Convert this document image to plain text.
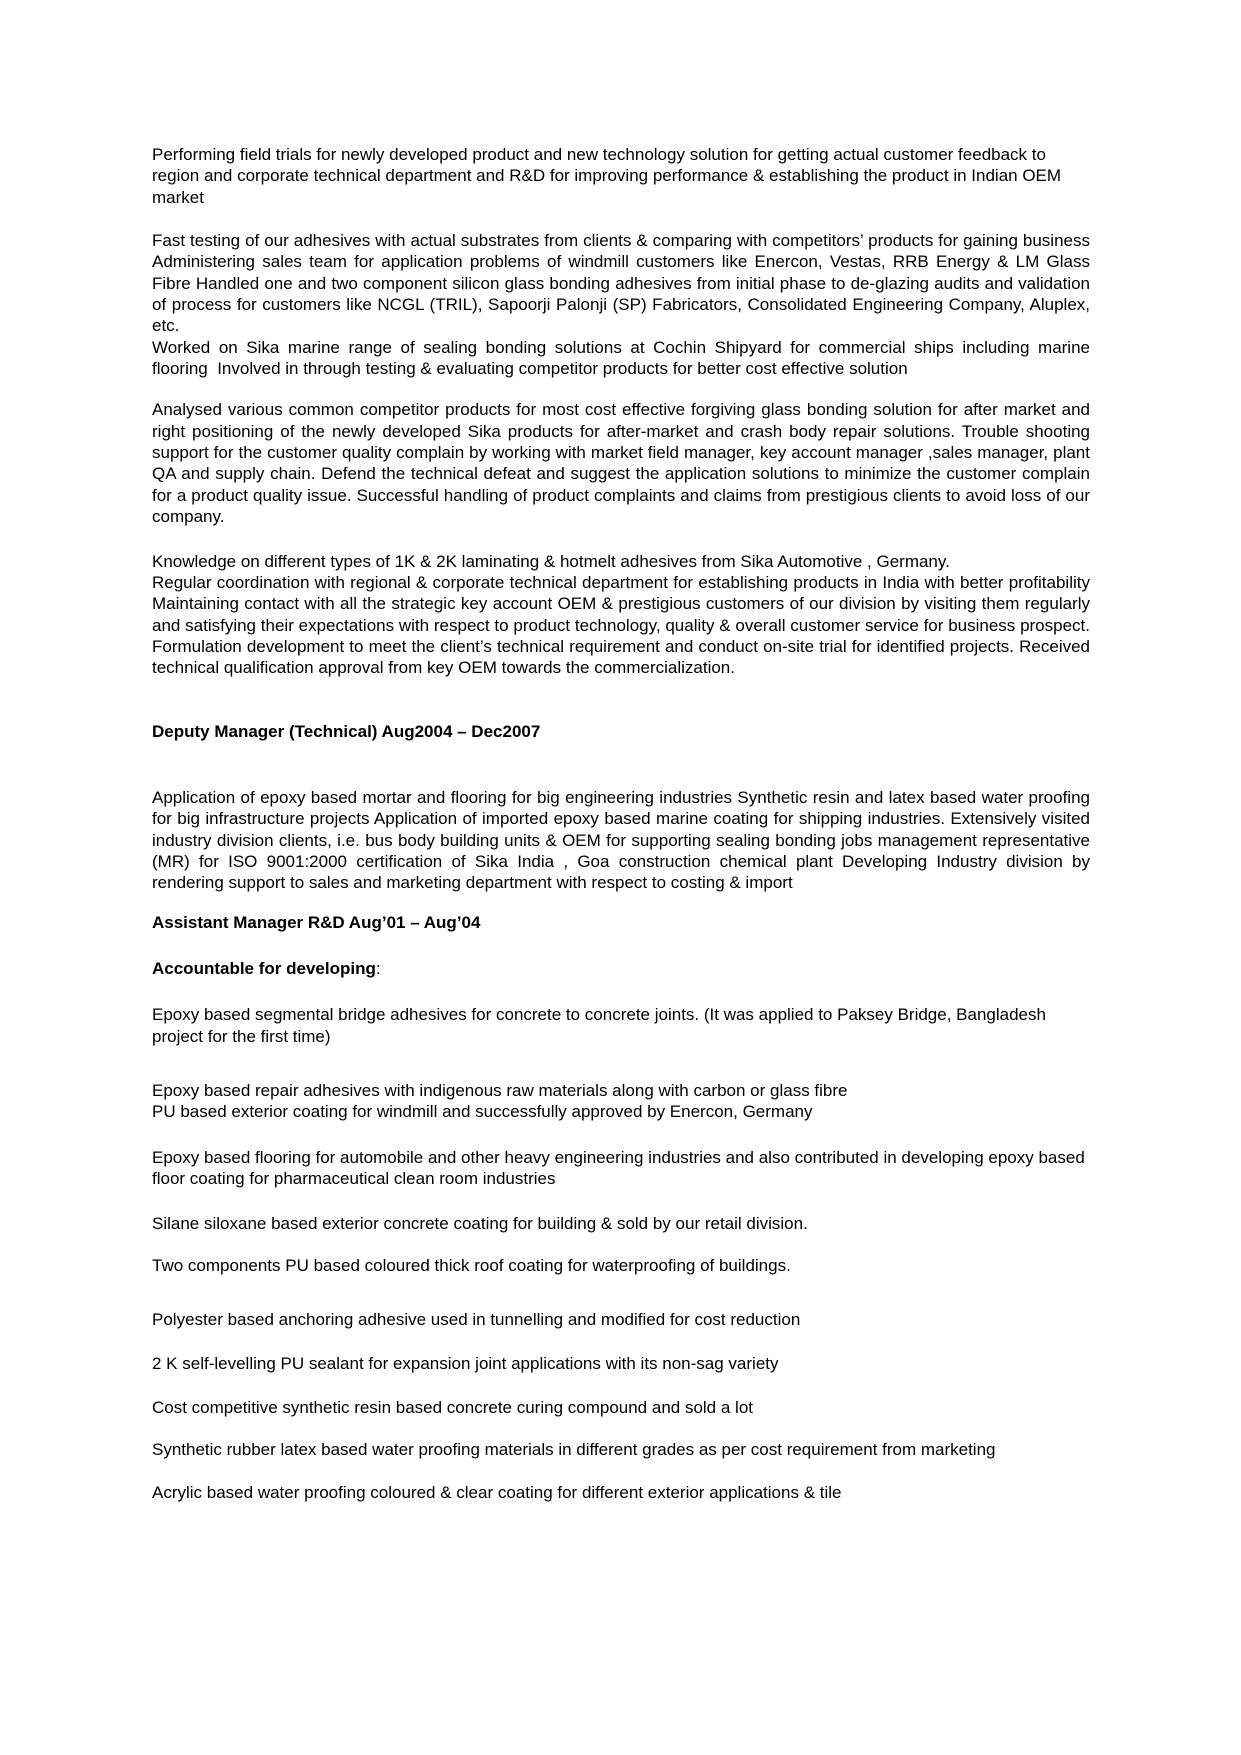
Performing field trials for newly developed product and new technology solution for getting actual customer feedback to region and corporate technical department and R&D for improving performance & establishing the product in Indian OEM market

Fast testing of our adhesives with actual substrates from clients & comparing with competitors’ products for gaining business Administering sales team for application problems of windmill customers like Enercon, Vestas, RRB Energy & LM Glass Fibre Handled one and two component silicon glass bonding adhesives from initial phase to de-glazing audits and validation of process for customers like NCGL (TRIL), Sapoorji Palonji (SP) Fabricators, Consolidated Engineering Company, Aluplex, etc.
Worked on Sika marine range of sealing bonding solutions at Cochin Shipyard for commercial ships including marine flooring  Involved in through testing & evaluating competitor products for better cost effective solution

Analysed various common competitor products for most cost effective forgiving glass bonding solution for after market and right positioning of the newly developed Sika products for after-market and crash body repair solutions. Trouble shooting support for the customer quality complain by working with market field manager, key account manager ,sales manager, plant QA and supply chain. Defend the technical defeat and suggest the application solutions to minimize the customer complain for a product quality issue. Successful handling of product complaints and claims from prestigious clients to avoid loss of our company.

Knowledge on different types of 1K & 2K laminating & hotmelt adhesives from Sika Automotive , Germany.
Regular coordination with regional & corporate technical department for establishing products in India with better profitability Maintaining contact with all the strategic key account OEM & prestigious customers of our division by visiting them regularly and satisfying their expectations with respect to product technology, quality & overall customer service for business prospect. Formulation development to meet the client’s technical requirement and conduct on-site trial for identified projects. Received technical qualification approval from key OEM towards the commercialization.

Deputy Manager (Technical) Aug2004 – Dec2007

Application of epoxy based mortar and flooring for big engineering industries Synthetic resin and latex based water proofing for big infrastructure projects Application of imported epoxy based marine coating for shipping industries. Extensively visited industry division clients, i.e. bus body building units & OEM for supporting sealing bonding jobs management representative (MR) for ISO 9001:2000 certification of Sika India , Goa construction chemical plant Developing Industry division by rendering support to sales and marketing department with respect to costing & import

Assistant Manager R&D Aug’01 – Aug’04

Accountable for developing:

Epoxy based segmental bridge adhesives for concrete to concrete joints. (It was applied to Paksey Bridge, Bangladesh project for the first time)

Epoxy based repair adhesives with indigenous raw materials along with carbon or glass fibre
PU based exterior coating for windmill and successfully approved by Enercon, Germany

Epoxy based flooring for automobile and other heavy engineering industries and also contributed in developing epoxy based floor coating for pharmaceutical clean room industries

Silane siloxane based exterior concrete coating for building & sold by our retail division.

Two components PU based coloured thick roof coating for waterproofing of buildings.

Polyester based anchoring adhesive used in tunnelling and modified for cost reduction

2 K self-levelling PU sealant for expansion joint applications with its non-sag variety

Cost competitive synthetic resin based concrete curing compound and sold a lot

Synthetic rubber latex based water proofing materials in different grades as per cost requirement from marketing

Acrylic based water proofing coloured & clear coating for different exterior applications & tile
